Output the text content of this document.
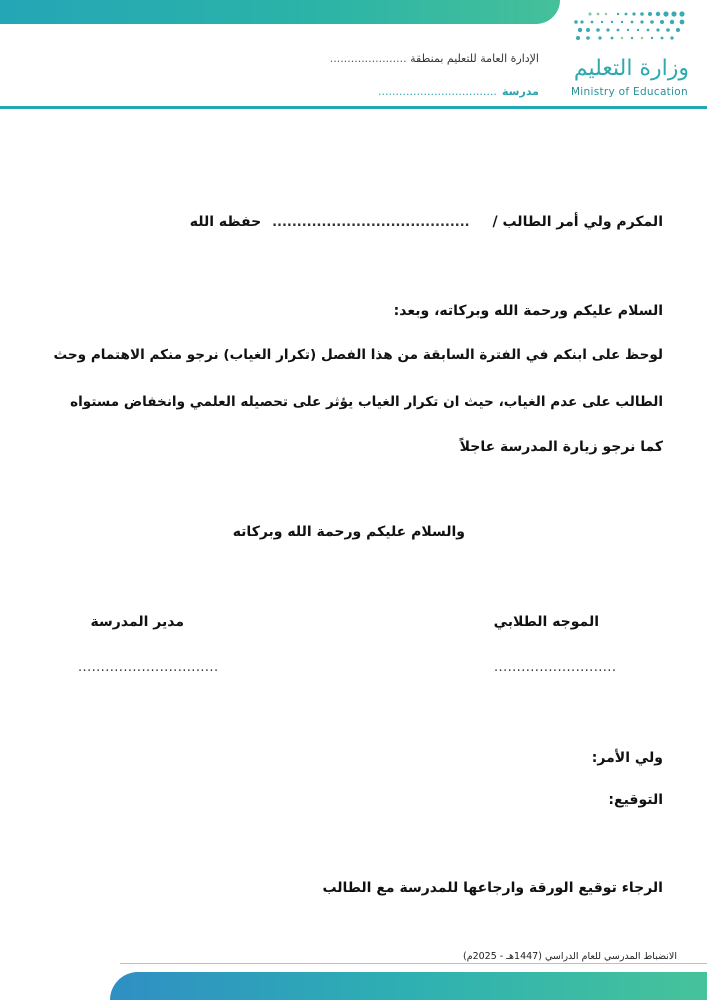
الإدارة العامة للتعليم بمنطقة ......................
مدرسة ..................................
وزارة التعليم
Ministry of Education
المكرم ولي أمر الطالب / ........................................ حفظه الله
السلام عليكم ورحمة الله وبركاته، وبعد:
لوحظ على ابنكم في الفترة السابقة من هذا الفصل (تكرار الغياب) نرجو منكم الاهتمام وحث
الطالب على عدم الغياب، حيث ان تكرار الغياب يؤثر على تحصيله العلمي وانخفاض مستواه
كما نرجو زيارة المدرسة عاجلاً
والسلام عليكم ورحمة الله وبركاته
الموجه الطلابي
...........................
مدير المدرسة
...............................
ولي الأمر:
التوقيع:
الرجاء توقيع الورقة وارجاعها للمدرسة مع الطالب
الانضباط المدرسي للعام الدراسي (1447هـ - 2025م)
